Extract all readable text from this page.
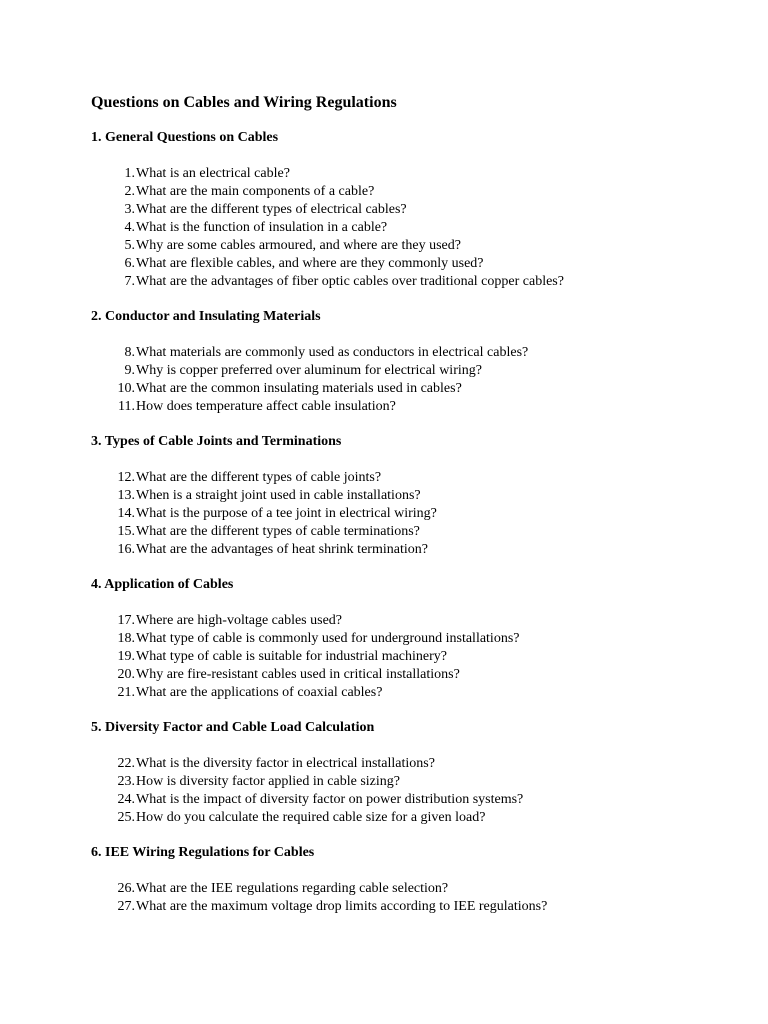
Questions on Cables and Wiring Regulations
1. General Questions on Cables
1. What is an electrical cable?
2. What are the main components of a cable?
3. What are the different types of electrical cables?
4. What is the function of insulation in a cable?
5. Why are some cables armoured, and where are they used?
6. What are flexible cables, and where are they commonly used?
7. What are the advantages of fiber optic cables over traditional copper cables?
2. Conductor and Insulating Materials
8. What materials are commonly used as conductors in electrical cables?
9. Why is copper preferred over aluminum for electrical wiring?
10. What are the common insulating materials used in cables?
11. How does temperature affect cable insulation?
3. Types of Cable Joints and Terminations
12. What are the different types of cable joints?
13. When is a straight joint used in cable installations?
14. What is the purpose of a tee joint in electrical wiring?
15. What are the different types of cable terminations?
16. What are the advantages of heat shrink termination?
4. Application of Cables
17. Where are high-voltage cables used?
18. What type of cable is commonly used for underground installations?
19. What type of cable is suitable for industrial machinery?
20. Why are fire-resistant cables used in critical installations?
21. What are the applications of coaxial cables?
5. Diversity Factor and Cable Load Calculation
22. What is the diversity factor in electrical installations?
23. How is diversity factor applied in cable sizing?
24. What is the impact of diversity factor on power distribution systems?
25. How do you calculate the required cable size for a given load?
6. IEE Wiring Regulations for Cables
26. What are the IEE regulations regarding cable selection?
27. What are the maximum voltage drop limits according to IEE regulations?
